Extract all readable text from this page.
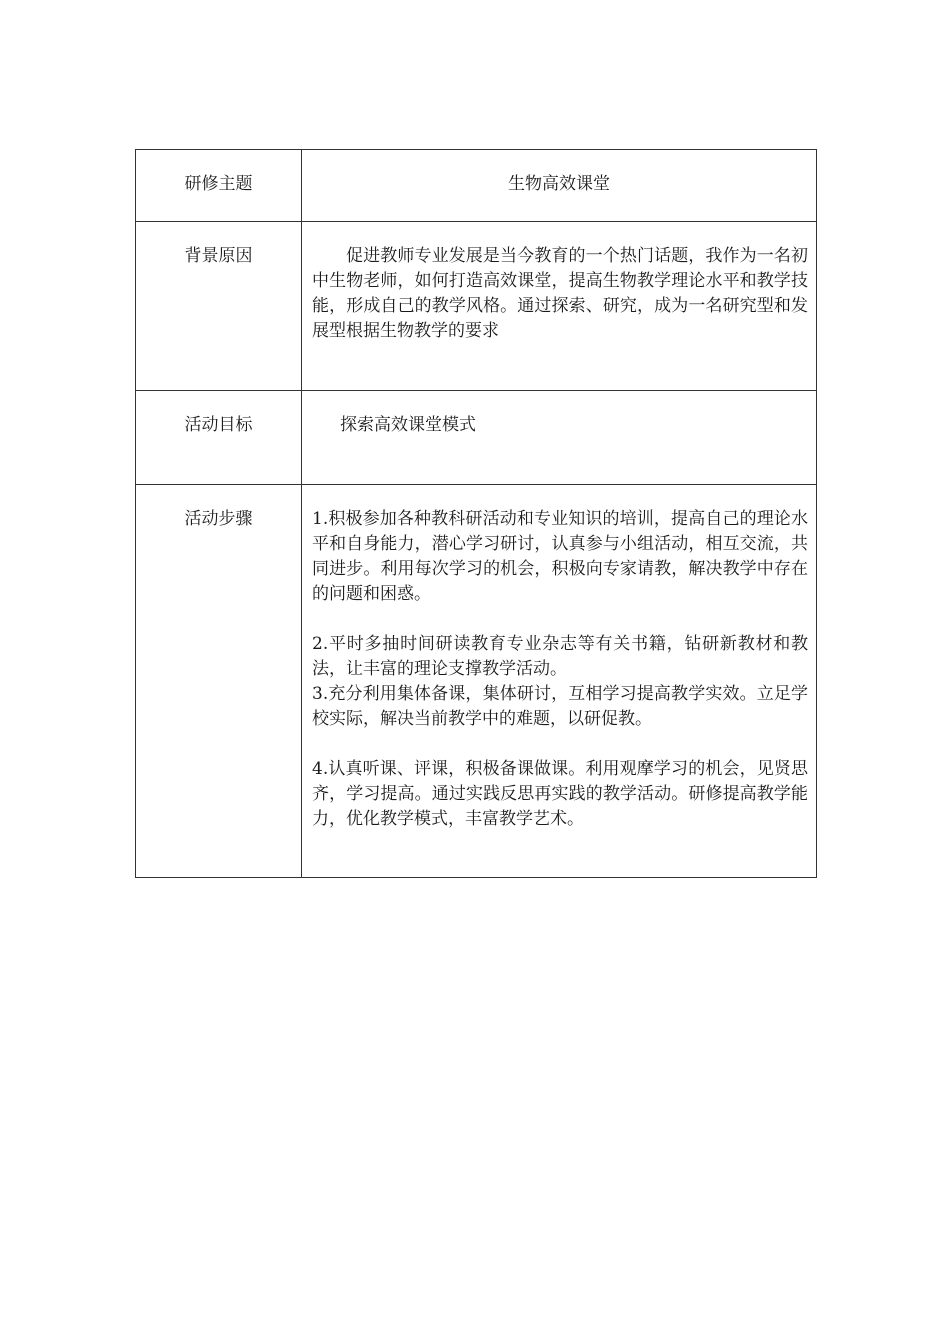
研修主题	生物高效课堂

背景原因	促进教师专业发展是当今教育的一个热门话题，我作为一名初中生物老师，如何打造高效课堂，提高生物教学理论水平和教学技能，形成自己的教学风格。通过探索、研究，成为一名研究型和发展型根据生物教学的要求

活动目标	探索高效课堂模式

活动步骤	1.积极参加各种教科研活动和专业知识的培训，提高自己的理论水平和自身能力，潜心学习研讨，认真参与小组活动，相互交流，共同进步。利用每次学习的机会，积极向专家请教，解决教学中存在的问题和困惑。

2.平时多抽时间研读教育专业杂志等有关书籍，钻研新教材和教法，让丰富的理论支撑教学活动。

3.充分利用集体备课，集体研讨，互相学习提高教学实效。立足学校实际，解决当前教学中的难题，以研促教。

4.认真听课、评课，积极备课做课。利用观摩学习的机会，见贤思齐，学习提高。通过实践反思再实践的教学活动。研修提高教学能力，优化教学模式，丰富教学艺术。
